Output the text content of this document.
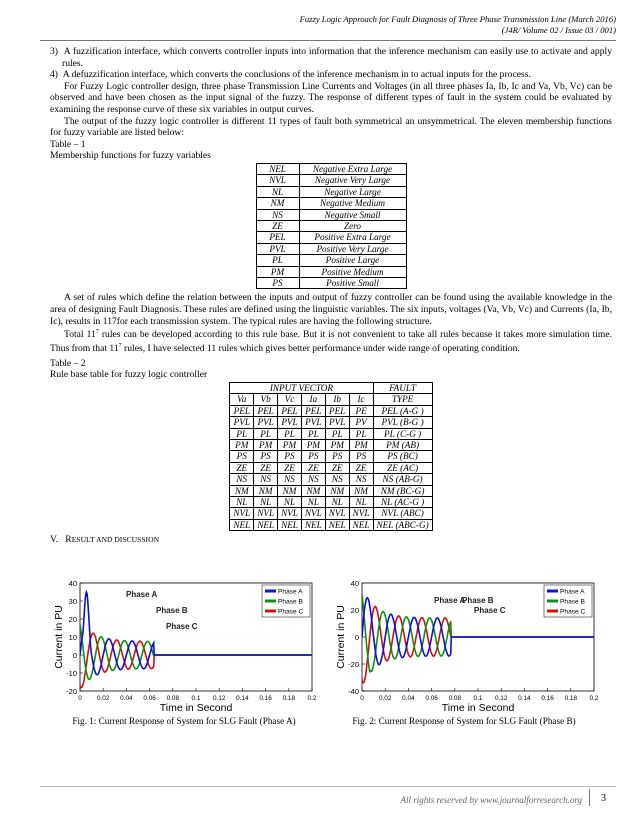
Fuzzy Logic Approach for Fault Diagnosis of Three Phase Transmission Line (March 2016)
(J4R/ Volume 02 / Issue 03 / 001)

3)  A fuzzification interface, which converts controller inputs into information that the inference mechanism can easily use to activate and apply rules.

4)  A defuzzification interface, which converts the conclusions of the inference mechanism in to actual inputs for the process.

For Fuzzy Logic controller design, three phase Transmission Line Currents and Voltages (in all three phases Ia, Ib, Ic and Va, Vb, Vc) can be observed and have been chosen as the input signal of the fuzzy. The response of different types of fault in the system could be evaluated by examining the response curve of these six variables in output curves.

The output of the fuzzy logic controller is different 11 types of fault both symmetrical an unsymmetrical. The eleven membership functions for fuzzy variable are listed below:

Table – 1

Membership functions for fuzzy variables

NEL	Negative Extra Large
NVL	Negative Very Large
NL	Negative Large
NM	Negative Medium
NS	Negative Small
ZE	Zero
PEL	Positive Extra Large
PVL	Positive Very Large
PL	Positive Large
PM	Positive Medium
PS	Positive Small

A set of rules which define the relation between the inputs and output of fuzzy controller can be found using the available knowledge in the area of designing Fault Diagnosis. These rules are defined using the linguistic variables. The six inputs, voltages (Va, Vb, Vc) and Currents (Ia, Ib, Ic), results in 117for each transmission system. The typical rules are having the following structure.

Total $11^7$ rules can be developed according to this rule base. But it is not convenient to take all rules because it takes more simulation time. Thus from that $11^7$ rules, I have selected 11 rules which gives better performance under wide range of operating condition.

Table – 2

Rule base table for fuzzy logic controller

INPUT VECTOR						FAULT
Va	Vb	Vc	Ia	Ib	Ic	TYPE
PEL	PEL	PEL	PEL	PEL	PE	PEL (A-G )
PVL	PVL	PVL	PVL	PVL	PV	PVL (B-G )
PL	PL	PL	PL	PL	PL	PL (C-G )
PM	PM	PM	PM	PM	PM	PM (AB)
PS	PS	PS	PS	PS	PS	PS (BC)
ZE	ZE	ZE	ZE	ZE	ZE	ZE (AC)
NS	NS	NS	NS	NS	NS	NS (AB-G)
NM	NM	NM	NM	NM	NM	NM (BC-G)
NL	NL	NL	NL	NL	NL	NL (AC-G )
NVL	NVL	NVL	NVL	NVL	NVL	NVL (ABC)
NEL	NEL	NEL	NEL	NEL	NEL	NEL (ABC-G)

V. RESULT AND DISCUSSION

40
30
20
10
0
-10
-20
0 0.02 0.04 0.06 0.08 0.1 0.12 0.14 0.16 0.18 0.2
Time in Second
Current in PU
Phase A
Phase B
Phase C
Phase A
Phase B
Phase C
40
20
0
-20
-40
0 0.02 0.04 0.06 0.08 0.1 0.12 0.14 0.16 0.18 0.2
Time in Second
Current in PU
Phase A
Phase B
Phase C
Phase A
Phase B
Phase C
Fig. 1: Current Response of System for SLG Fault (Phase A)	Fig. 2: Current Response of System for SLG Fault (Phase B)
All rights reserved by www.journalforresearch.org 3
